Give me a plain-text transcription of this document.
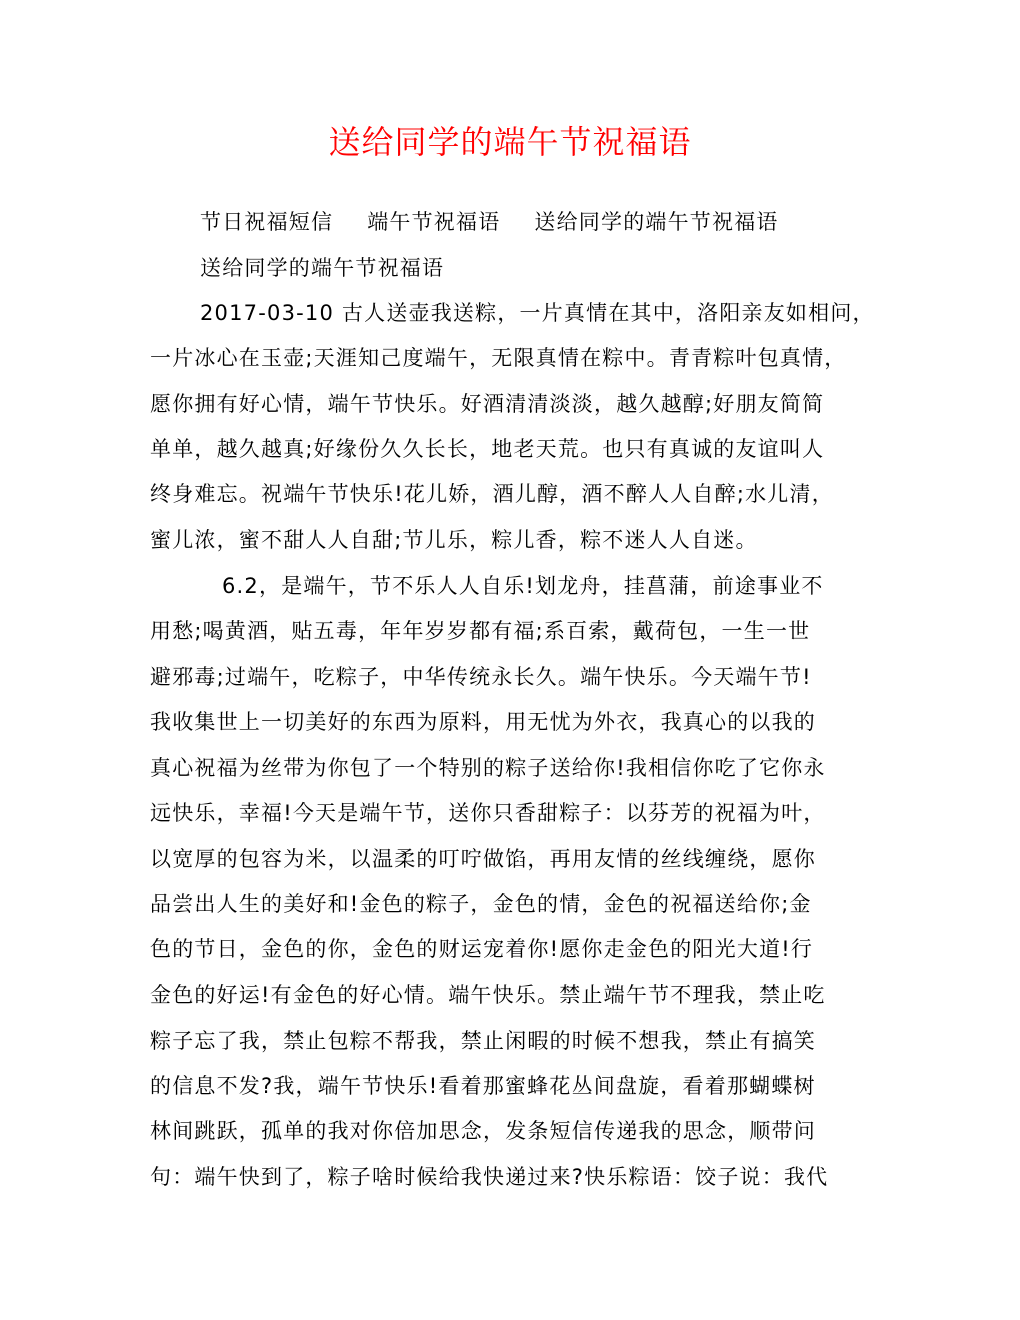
送给同学的端午节祝福语
节日祝福短信 端午节祝福语 送给同学的端午节祝福语
送给同学的端午节祝福语
2017-03-10 古人送壶我送粽，一片真情在其中，洛阳亲友如相问，
一片冰心在玉壶;天涯知己度端午，无限真情在粽中。青青粽叶包真情，
愿你拥有好心情，端午节快乐。好酒清清淡淡，越久越醇;好朋友简简
单单，越久越真;好缘份久久长长，地老天荒。也只有真诚的友谊叫人
终身难忘。祝端午节快乐!花儿娇，酒儿醇，酒不醉人人自醉;水儿清，
蜜儿浓，蜜不甜人人自甜;节儿乐，粽儿香，粽不迷人人自迷。
6.2，是端午，节不乐人人自乐!划龙舟，挂菖蒲，前途事业不
用愁;喝黄酒，贴五毒，年年岁岁都有福;系百索，戴荷包，一生一世
避邪毒;过端午，吃粽子，中华传统永长久。端午快乐。今天端午节!
我收集世上一切美好的东西为原料，用无忧为外衣，我真心的以我的
真心祝福为丝带为你包了一个特别的粽子送给你!我相信你吃了它你永
远快乐，幸福!今天是端午节，送你只香甜粽子：以芬芳的祝福为叶，
以宽厚的包容为米，以温柔的叮咛做馅，再用友情的丝线缠绕，愿你
品尝出人生的美好和!金色的粽子，金色的情，金色的祝福送给你;金
色的节日，金色的你，金色的财运宠着你!愿你走金色的阳光大道!行
金色的好运!有金色的好心情。端午快乐。禁止端午节不理我，禁止吃
粽子忘了我，禁止包粽不帮我，禁止闲暇的时候不想我，禁止有搞笑
的信息不发?我，端午节快乐!看着那蜜蜂花丛间盘旋，看着那蝴蝶树
林间跳跃，孤单的我对你倍加思念，发条短信传递我的思念，顺带问
句：端午快到了，粽子啥时候给我快递过来?快乐粽语：饺子说：我代
